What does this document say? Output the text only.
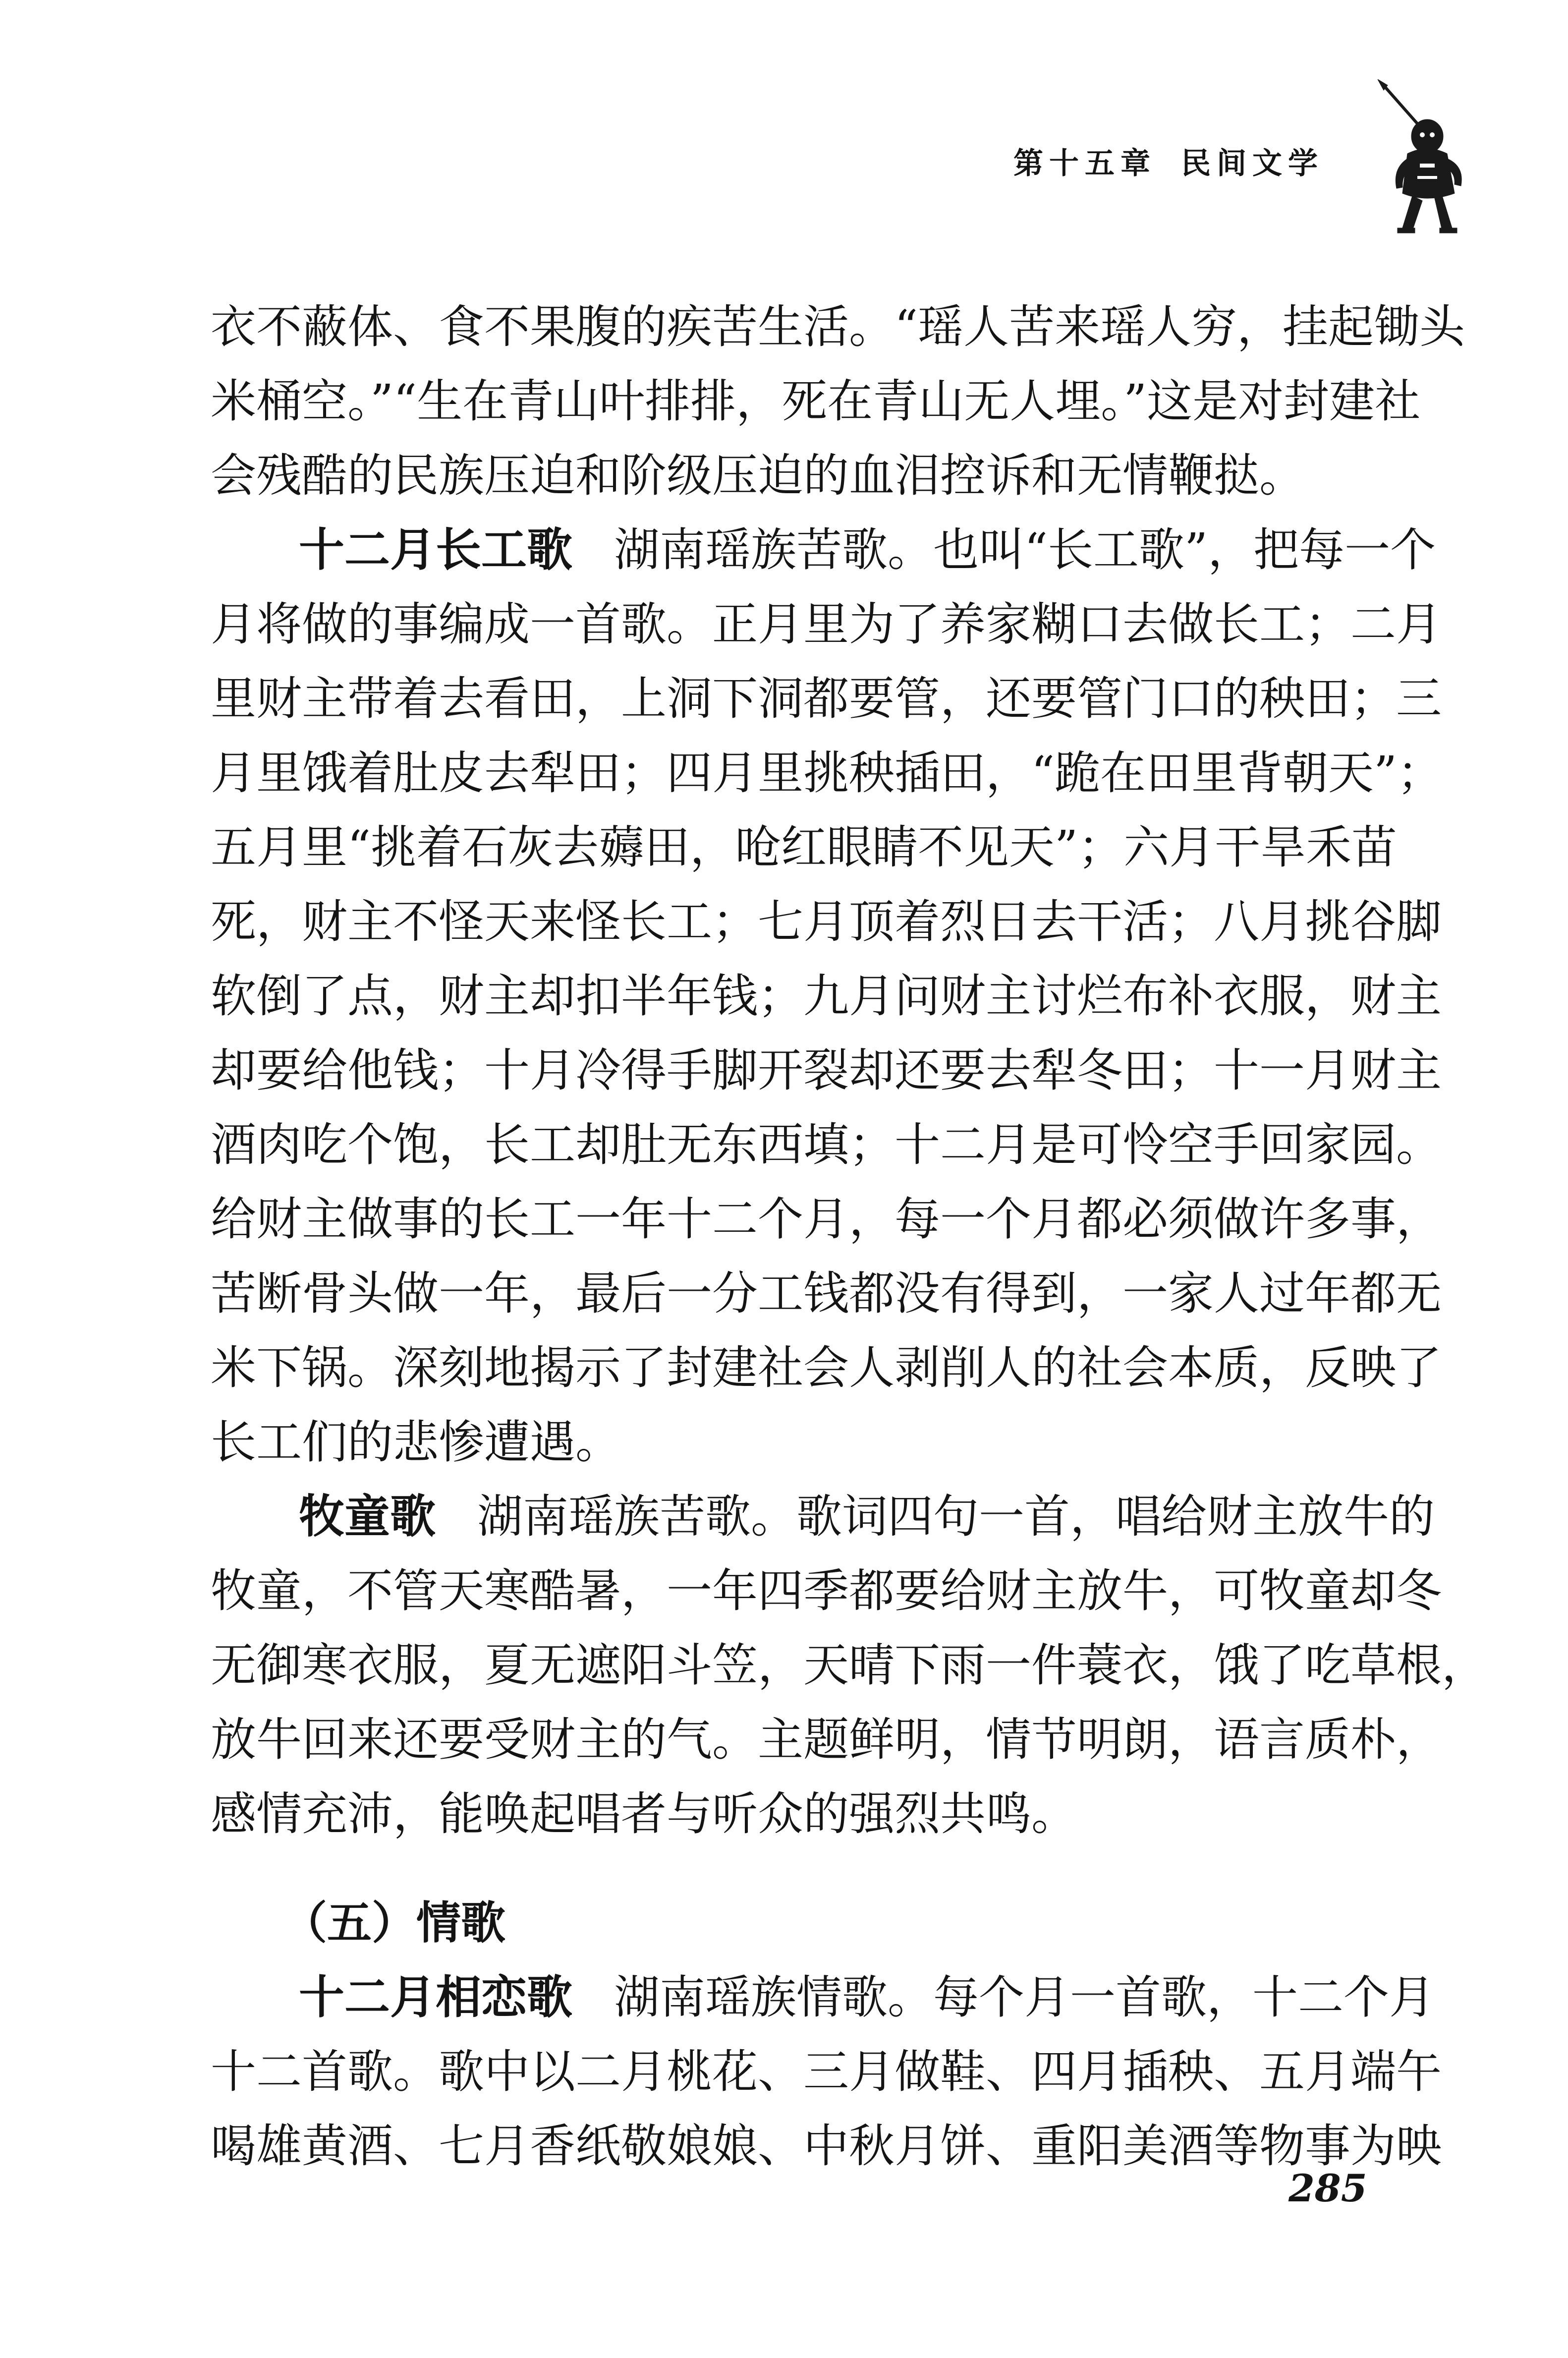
第十五章 民间文学
衣不蔽体、食不果腹的疾苦生活。“瑶人苦来瑶人穷，挂起锄头
米桶空。”“生在青山叶排排，死在青山无人埋。”这是对封建社
会残酷的民族压迫和阶级压迫的血泪控诉和无情鞭挞。
十二月长工歌 湖南瑶族苦歌。也叫“长工歌”，把每一个
月将做的事编成一首歌。正月里为了养家糊口去做长工；二月
里财主带着去看田，上洞下洞都要管，还要管门口的秧田；三
月里饿着肚皮去犁田；四月里挑秧插田，“跪在田里背朝天”；
五月里“挑着石灰去薅田，呛红眼睛不见天”；六月干旱禾苗
死，财主不怪天来怪长工；七月顶着烈日去干活；八月挑谷脚
软倒了点，财主却扣半年钱；九月问财主讨烂布补衣服，财主
却要给他钱；十月冷得手脚开裂却还要去犁冬田；十一月财主
酒肉吃个饱，长工却肚无东西填；十二月是可怜空手回家园。
给财主做事的长工一年十二个月，每一个月都必须做许多事，
苦断骨头做一年，最后一分工钱都没有得到，一家人过年都无
米下锅。深刻地揭示了封建社会人剥削人的社会本质，反映了
长工们的悲惨遭遇。
牧童歌 湖南瑶族苦歌。歌词四句一首，唱给财主放牛的
牧童，不管天寒酷暑，一年四季都要给财主放牛，可牧童却冬
无御寒衣服，夏无遮阳斗笠，天晴下雨一件蓑衣，饿了吃草根，
放牛回来还要受财主的气。主题鲜明，情节明朗，语言质朴，
感情充沛，能唤起唱者与听众的强烈共鸣。
十二月相恋歌 湖南瑶族情歌。每个月一首歌，十二个月
十二首歌。歌中以二月桃花、三月做鞋、四月插秧、五月端午
喝雄黄酒、七月香纸敬娘娘、中秋月饼、重阳美酒等物事为映
（五）情歌
285
